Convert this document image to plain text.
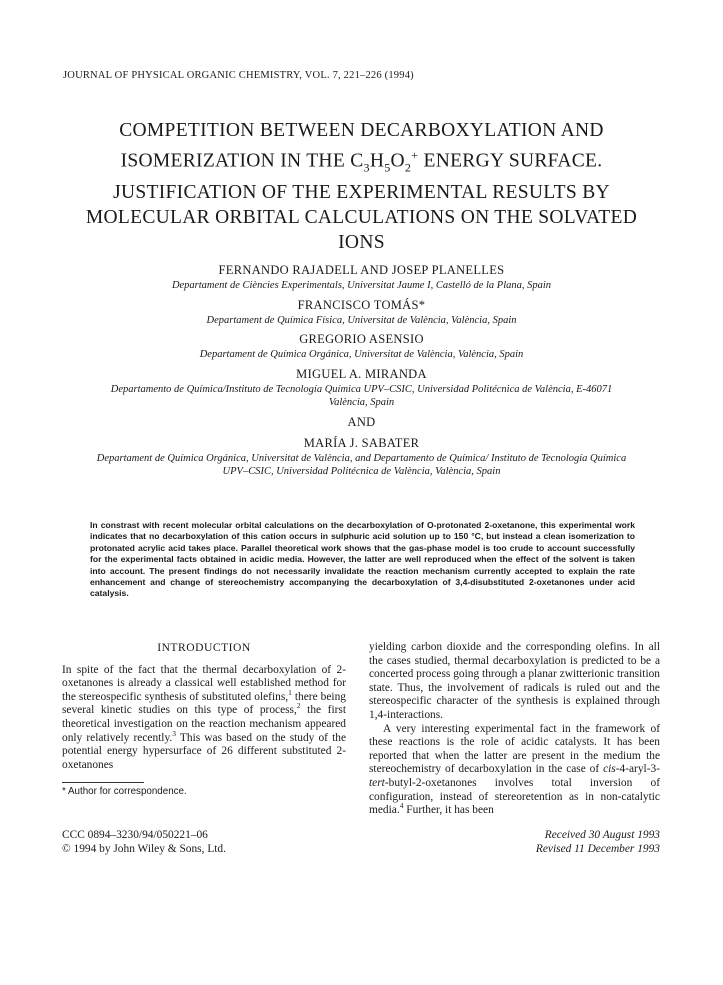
JOURNAL OF PHYSICAL ORGANIC CHEMISTRY, VOL. 7, 221–226 (1994)
COMPETITION BETWEEN DECARBOXYLATION AND
ISOMERIZATION IN THE $C_3H_5O_2^+$ ENERGY SURFACE.
JUSTIFICATION OF THE EXPERIMENTAL RESULTS BY
MOLECULAR ORBITAL CALCULATIONS ON THE SOLVATED
IONS
FERNANDO RAJADELL AND JOSEP PLANELLES
Departament de Ciències Experimentals, Universitat Jaume I, Castelló de la Plana, Spain
FRANCISCO TOMÁS*
Departament de Química Física, Universitat de València, València, Spain
GREGORIO ASENSIO
Departament de Química Orgánica, Universitat de València, València, Spain
MIGUEL A. MIRANDA
Departamento de Química/Instituto de Tecnología Química UPV–CSIC, Universidad Politécnica de València, E-46071
València, Spain
AND
MARÍA J. SABATER
Departament de Química Orgánica, Universitat de València, and Departamento de Química/ Instituto de Tecnología Química
UPV–CSIC, Universidad Politécnica de València, València, Spain
In constrast with recent molecular orbital calculations on the decarboxylation of O-protonated 2-oxetanone, this experimental work indicates that no decarboxylation of this cation occurs in sulphuric acid solution up to 150 °C, but instead a clean isomerization to protonated acrylic acid takes place. Parallel theoretical work shows that the gas-phase model is too crude to account successfully for the experimental facts obtained in acidic media. However, the latter are well reproduced when the effect of the solvent is taken into account. The present findings do not necessarily invalidate the reaction mechanism currently accepted to explain the rate enhancement and change of stereochemistry accompanying the decarboxylation of 3,4-disubstituted 2-oxetanones under acid catalysis.
INTRODUCTION

In spite of the fact that the thermal decarboxylation of 2-oxetanones is already a classical well established method for the stereospecific synthesis of substituted olefins,$^1$ there being several kinetic studies on this type of process,$^2$ the first theoretical investigation on the reaction mechanism appeared only relatively recently.$^3$ This was based on the study of the potential energy hypersurface of 26 different substituted 2-oxetanones

yielding carbon dioxide and the corresponding olefins. In all the cases studied, thermal decarboxylation is predicted to be a concerted process going through a planar zwitterionic transition state. Thus, the involvement of radicals is ruled out and the stereospecific character of the synthesis is explained through 1,4-interactions.

A very interesting experimental fact in the framework of these reactions is the role of acidic catalysts. It has been reported that when the latter are present in the medium the stereochemistry of decarboxylation in the case of cis-4-aryl-3-tert-butyl-2-oxetanones involves total inversion of configuration, instead of stereoretention as in non-catalytic media.$^4$ Further, it has been

* Author for correspondence.
CCC 0894–3230/94/050221–06
© 1994 by John Wiley & Sons, Ltd.
Received 30 August 1993
Revised 11 December 1993
